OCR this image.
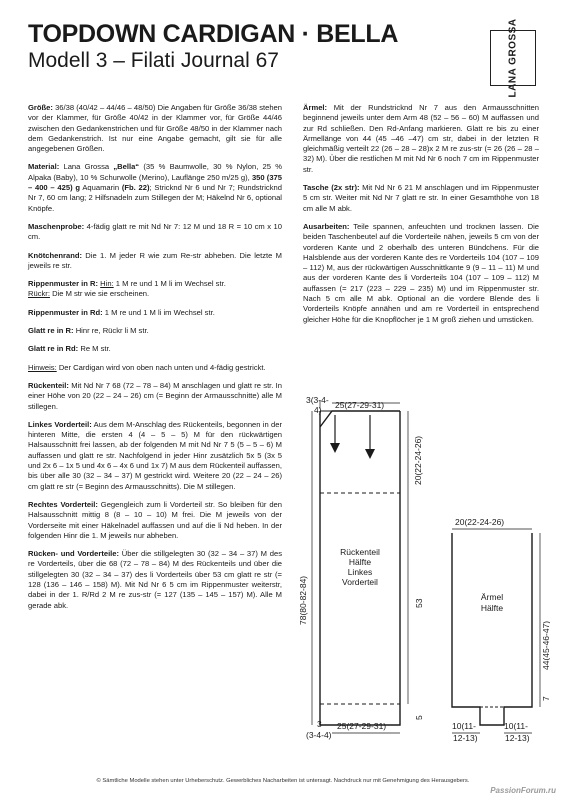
TOPDOWN CARDIGAN · BELLA
Modell 3 – Filati Journal 67	LANA GROSSA

Größe: 36/38 (40/42 – 44/46 – 48/50) Die Angaben für Größe 36/38 stehen vor der Klammer, für Größe 40/42 in der Klammer vor, für Größe 44/46 zwischen den Gedankenstrichen und für Größe 48/50 in der Klammer nach dem Gedankenstrich. Ist nur eine Angabe gemacht, gilt sie für alle angegebenen Größen.

Material: Lana Grossa „Bella“ (35 % Baumwolle, 30 % Nylon, 25 % Alpaka (Baby), 10 % Schurwolle (Merino), Lauflänge 250 m/25 g), 350 (375 – 400 – 425) g Aquamarin (Fb. 22); Stricknd Nr 6 und Nr 7; Rundstricknd Nr 7, 60 cm lang; 2 Hilfsnadeln zum Stillegen der M; Häkelnd Nr 6, optional Knöpfe.

Maschenprobe: 4-fädig glatt re mit Nd Nr 7: 12 M und 18 R = 10 cm x 10 cm.

Knötchenrand: Die 1. M jeder R wie zum Re-str abheben. Die letzte M jeweils re str.

Rippenmuster in R: Hin: 1 M re und 1 M li im Wechsel str.
Rückr: Die M str wie sie erscheinen.

Rippenmuster in Rd: 1 M re und 1 M li im Wechsel str.

Glatt re in R: Hinr re, Rückr li M str.

Glatt re in Rd: Re M str.

Hinweis: Der Cardigan wird von oben nach unten und 4-fädig gestrickt.

Rückenteil: Mit Nd Nr 7 68 (72 – 78 – 84) M anschlagen und glatt re str. In einer Höhe von 20 (22 – 24 – 26) cm (= Beginn der Armausschnitte) alle M stillegen.

Linkes Vorderteil: Aus dem M-Anschlag des Rückenteils, begonnen in der hinteren Mitte, die ersten 4 (4 – 5 – 5) M für den rückwärtigen Halsausschnitt frei lassen, ab der folgenden M mit Nd Nr 7 5 (5 – 5 – 6) M auffassen und glatt re str. Nachfolgend in jeder Hinr zusätzlich 5x 5 (3x 5 und 2x 6 – 1x 5 und 4x 6 – 4x 6 und 1x 7) M aus dem Rückenteil auffassen, bis über alle 30 (32 – 34 – 37) M gestrickt wird. Weitere 20 (22 – 24 – 26) cm glatt re str (= Beginn des Armausschnitts). Die M stillegen.

Rechtes Vorderteil: Gegengleich zum li Vorderteil str. So bleiben für den Halsausschnitt mittig 8 (8 – 10 – 10) M frei. Die M jeweils von der Vorderseite mit einer Häkelnadel auffassen und auf die li Nd heben. In der folgenden Hinr die 1. M jeweils nur abheben.

Rücken- und Vorderteile: Über die stillgelegten 30 (32 – 34 – 37) M des re Vorderteils, über die 68 (72 – 78 – 84) M des Rückenteils und über die stillgelegten 30 (32 – 34 – 37) des li Vorderteils über 53 cm glatt re str (= 128 (136 – 146 – 158) M). Mit Nd Nr 6 5 cm im Rippenmuster weiterstr, dabei in der 1. R/Rd 2 M re zus-str (= 127 (135 – 145 – 157) M). Alle M gerade abk.

Ärmel: Mit der Rundstricknd Nr 7 aus den Armausschnitten beginnend jeweils unter dem Arm 48 (52 – 56 – 60) M auffassen und zur Rd schließen. Den Rd-Anfang markieren. Glatt re bis zu einer Ärmellänge von 44 (45 –46 –47) cm str, dabei in der letzten R gleichmäßig verteilt 22 (26 – 28 – 28)x 2 M re zus-str (= 26 (26 – 28 – 32) M). Über die restlichen M mit Nd Nr 6 noch 7 cm im Rippenmuster str.

Tasche (2x str): Mit Nd Nr 6 21 M anschlagen und im Rippenmuster 5 cm str. Weiter mit Nd Nr 7 glatt re str. In einer Gesamthöhe von 18 cm alle M abk.

Ausarbeiten: Teile spannen, anfeuchten und trocknen lassen. Die beiden Taschenbeutel auf die Vorderteile nähen, jeweils 5 cm von der vorderen Kante und 2 oberhalb des unteren Bündchens. Für die Halsblende aus der vorderen Kante des re Vorderteils 104 (107 – 109 – 112) M, aus der rückwärtigen Ausschnittkante 9 (9 – 11 – 11) M und aus der vorderen Kante des li Vorderteils 104 (107 – 109 – 112) M auffassen (= 217 (223 – 229 – 235) M) und im Rippenmuster str. Nach 5 cm alle M abk. Optional an die vordere Blende des li Vorderteils Knöpfe annähen und am re Vorderteil in entsprechend gleicher Höhe für die Knopflöcher je 1 M groß ziehen und umsticken.

3(3-4-
4) 25(27-29-31)
20(22-24-26)
78(80-82-84)	53
5
Rückenteil
Hälfte
Linkes
Vorderteil
3
(3-4-4)
25(27-29-31)
20(22-24-26)
44(45-46-47)
7
Ärmel
Hälfte
10(11-
12-13)
10(11-
12-13)
© Sämtliche Modelle stehen unter Urheberschutz. Gewerbliches Nacharbeiten ist untersagt. Nachdruck nur mit Genehmigung des Herausgebers.
PassionForum.ru
